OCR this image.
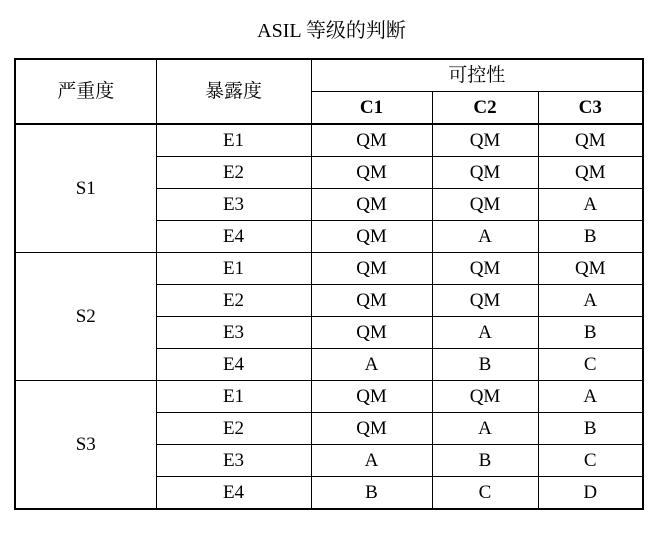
ASIL 等级的判断
严重度	暴露度	可控性		
		C1	C2	C3
S1	E1	QM	QM	QM
	E2	QM	QM	QM
	E3	QM	QM	A
	E4	QM	A	B
S2	E1	QM	QM	QM
	E2	QM	QM	A
	E3	QM	A	B
	E4	A	B	C
S3	E1	QM	QM	A
	E2	QM	A	B
	E3	A	B	C
	E4	B	C	D
